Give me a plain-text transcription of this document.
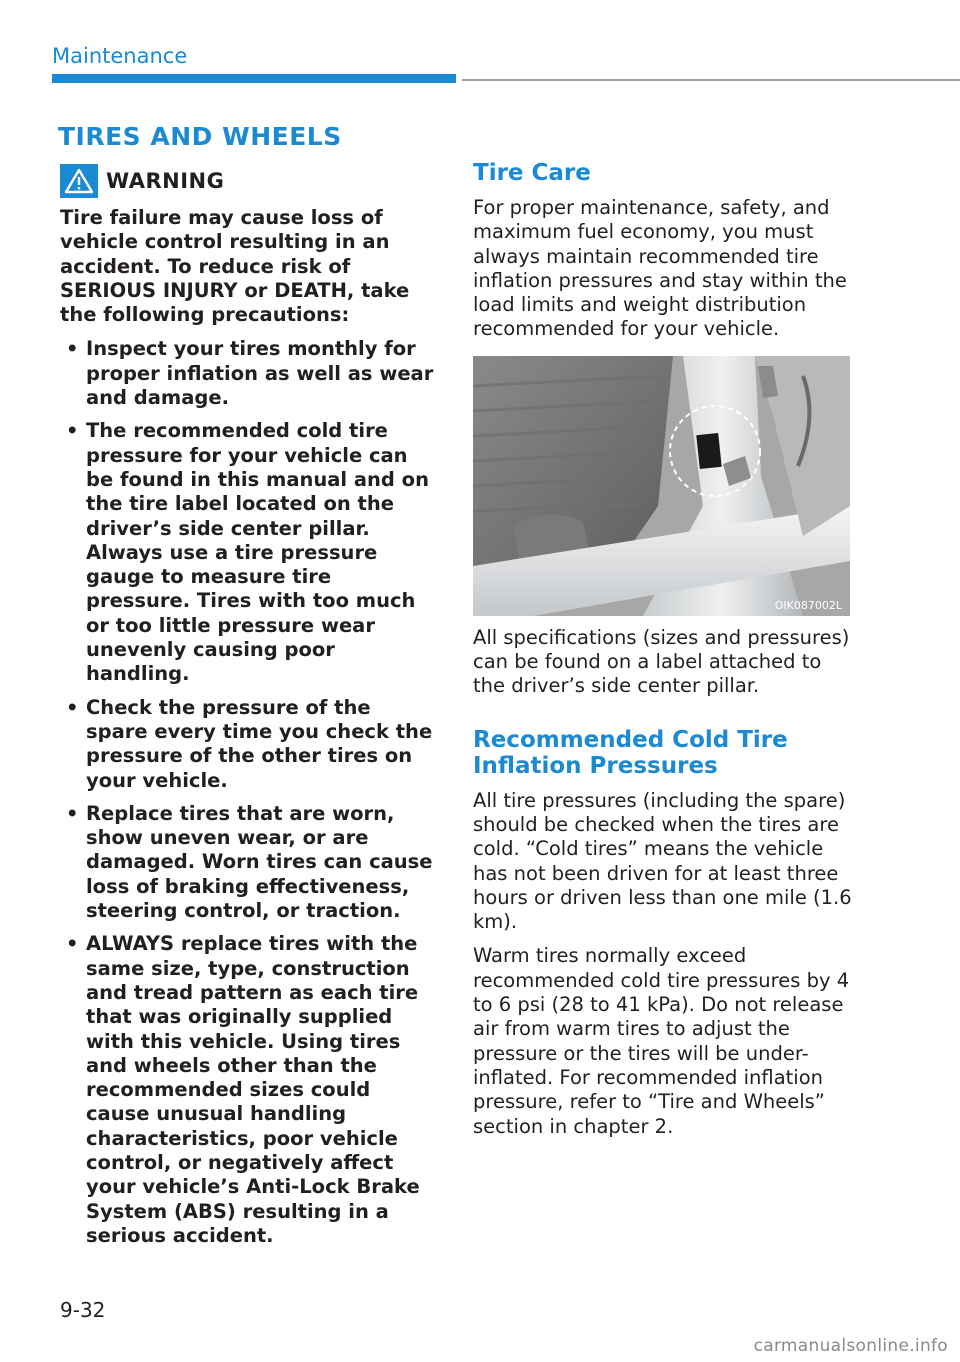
Maintenance
TIRES AND WHEELS
WARNING

Tire failure may cause loss of vehicle control resulting in an accident. To reduce risk of SERIOUS INJURY or DEATH, take the following precautions:

• Inspect your tires monthly for proper inflation as well as wear and damage.
• The recommended cold tire pressure for your vehicle can be found in this manual and on the tire label located on the driver’s side center pillar. Always use a tire pressure gauge to measure tire pressure. Tires with too much or too little pressure wear unevenly causing poor handling.
• Check the pressure of the spare every time you check the pressure of the other tires on your vehicle.
• Replace tires that are worn, show uneven wear, or are damaged. Worn tires can cause loss of braking effectiveness, steering control, or traction.
• ALWAYS replace tires with the same size, type, construction and tread pattern as each tire that was originally supplied with this vehicle. Using tires and wheels other than the recommended sizes could cause unusual handling characteristics, poor vehicle control, or negatively affect your vehicle’s Anti-Lock Brake System (ABS) resulting in a serious accident.
Tire Care

For proper maintenance, safety, and maximum fuel economy, you must always maintain recommended tire inflation pressures and stay within the load limits and weight distribution recommended for your vehicle.

OIK087002L

All specifications (sizes and pressures) can be found on a label attached to the driver’s side center pillar.

Recommended Cold Tire
Inflation Pressures

All tire pressures (including the spare) should be checked when the tires are cold. “Cold tires” means the vehicle has not been driven for at least three hours or driven less than one mile (1.6 km).

Warm tires normally exceed recommended cold tire pressures by 4 to 6 psi (28 to 41 kPa). Do not release air from warm tires to adjust the pressure or the tires will be under-inflated. For recommended inflation pressure, refer to “Tire and Wheels” section in chapter 2.

9-32
carmanualsonline.info
